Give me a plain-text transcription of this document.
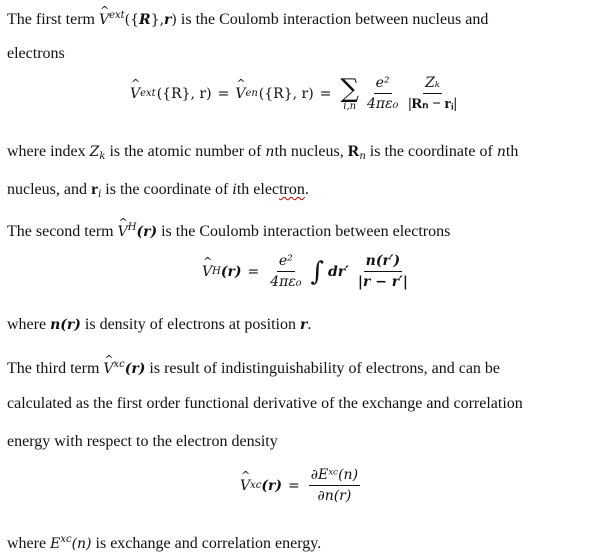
The first term ^ $V^{ext}(\{R\},r)$ is the Coulomb interaction between nucleus and
electrons
^ V ext ({R}, r) = ^ V en ({R}, r) = ∑
$i,n \frac{\text{e²}}{\text{4πε₀}} \frac{\text{Zₖ}}{\text{|Rₙ − rᵢ|}}$
where index $Z_k$ is the atomic number of nth nucleus, $R_n$ is the coordinate of nth
nucleus, and $r_i$ is the coordinate of ith electron.
The second term ^ $V^H(r)$ is the Coulomb interaction between electrons
^ V H $(r) = \frac{\text{e²}}{\text{4πε₀}}$ ∫ $dr' \frac{n(r')}{|r - r'|}$
where n(r) is density of electrons at position r.
The third term ^ $V^{xc}(r)$ is result of indistinguishability of electrons, and can be
calculated as the first order functional derivative of the exchange and correlation
energy with respect to the electron density
^ V xc $(r) = \frac{\text{∂Eˣᶜ(n)}}{\partial n(r)}$
where $E^{xc}(n)$ is exchange and correlation energy.
